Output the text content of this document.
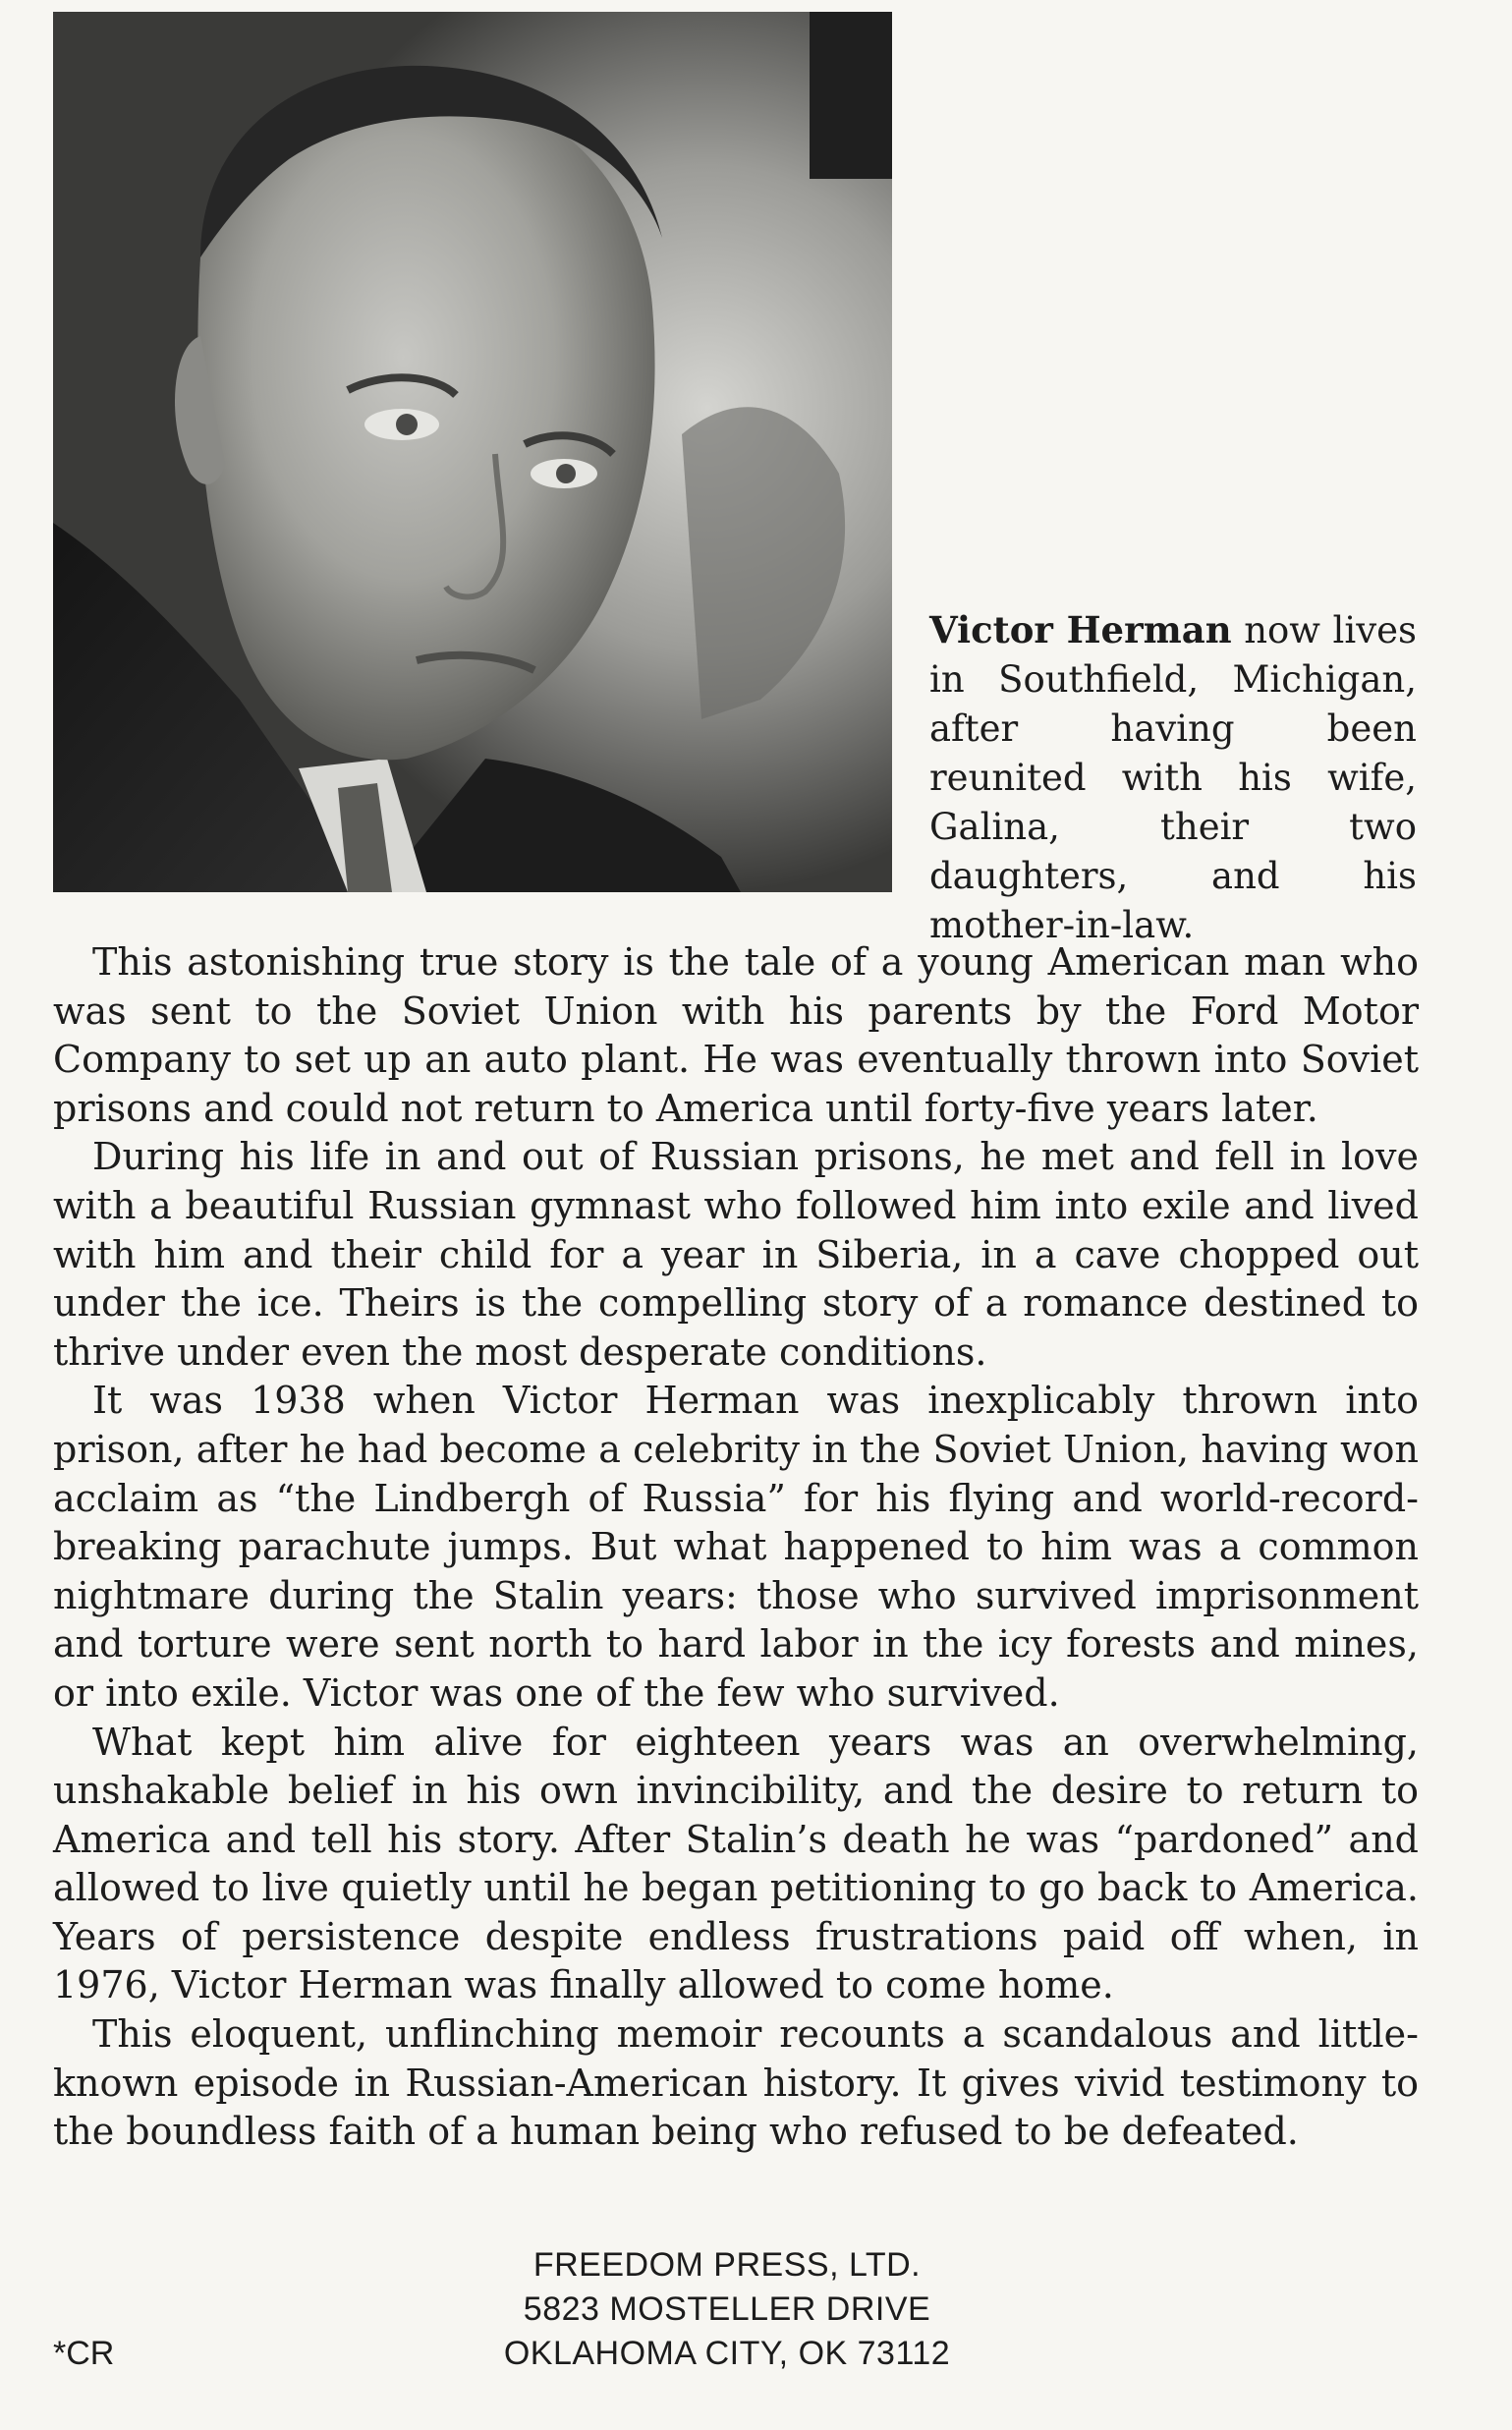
Victor Herman now lives in Southfield, Michigan, after having been reunited with his wife, Galina, their two daughters, and his mother-in-law.

This astonishing true story is the tale of a young American man who was sent to the Soviet Union with his parents by the Ford Motor Company to set up an auto plant. He was eventually thrown into Soviet prisons and could not return to America until forty-five years later.

During his life in and out of Russian prisons, he met and fell in love with a beautiful Russian gymnast who followed him into exile and lived with him and their child for a year in Siberia, in a cave chopped out under the ice. Theirs is the compelling story of a romance destined to thrive under even the most desperate conditions.

It was 1938 when Victor Herman was inexplicably thrown into prison, after he had become a celebrity in the Soviet Union, having won acclaim as “the Lindbergh of Russia” for his flying and world-record-breaking parachute jumps. But what happened to him was a common nightmare during the Stalin years: those who survived imprisonment and torture were sent north to hard labor in the icy forests and mines, or into exile. Victor was one of the few who survived.

What kept him alive for eighteen years was an overwhelming, unshakable belief in his own invincibility, and the desire to return to America and tell his story. After Stalin’s death he was “pardoned” and allowed to live quietly until he began petitioning to go back to America. Years of persistence despite endless frustrations paid off when, in 1976, Victor Herman was finally allowed to come home.

This eloquent, unflinching memoir recounts a scandalous and little-known episode in Russian-American history. It gives vivid testimony to the boundless faith of a human being who refused to be defeated.

FREEDOM PRESS, LTD.
5823 MOSTELLER DRIVE
OKLAHOMA CITY, OK 73112
*CR
